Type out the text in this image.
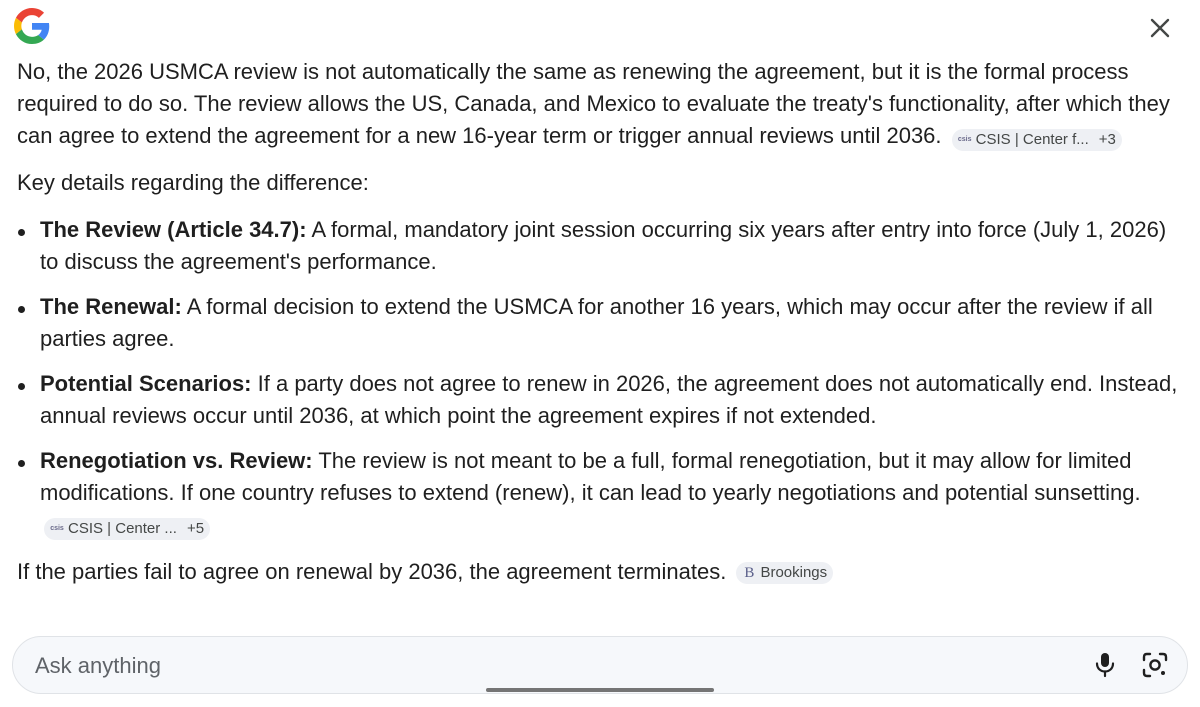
No, the 2026 USMCA review is not automatically the same as renewing the agreement, but it is the formal process required to do so. The review allows the US, Canada, and Mexico to evaluate the treaty's functionality, after which they can agree to extend the agreement for a new 16-year term or trigger annual reviews until 2036. csis CSIS | Center f... +3

Key details regarding the difference:

The Review (Article 34.7): A formal, mandatory joint session occurring six years after entry into force (July 1, 2026) to discuss the agreement's performance.
The Renewal: A formal decision to extend the USMCA for another 16 years, which may occur after the review if all parties agree.
Potential Scenarios: If a party does not agree to renew in 2026, the agreement does not automatically end. Instead, annual reviews occur until 2036, at which point the agreement expires if not extended.
Renegotiation vs. Review: The review is not meant to be a full, formal renegotiation, but it may allow for limited modifications. If one country refuses to extend (renew), it can lead to yearly negotiations and potential sunsetting.
csis CSIS | Center ... +5

If the parties fail to agree on renewal by 2036, the agreement terminates. B Brookings

Ask anything
